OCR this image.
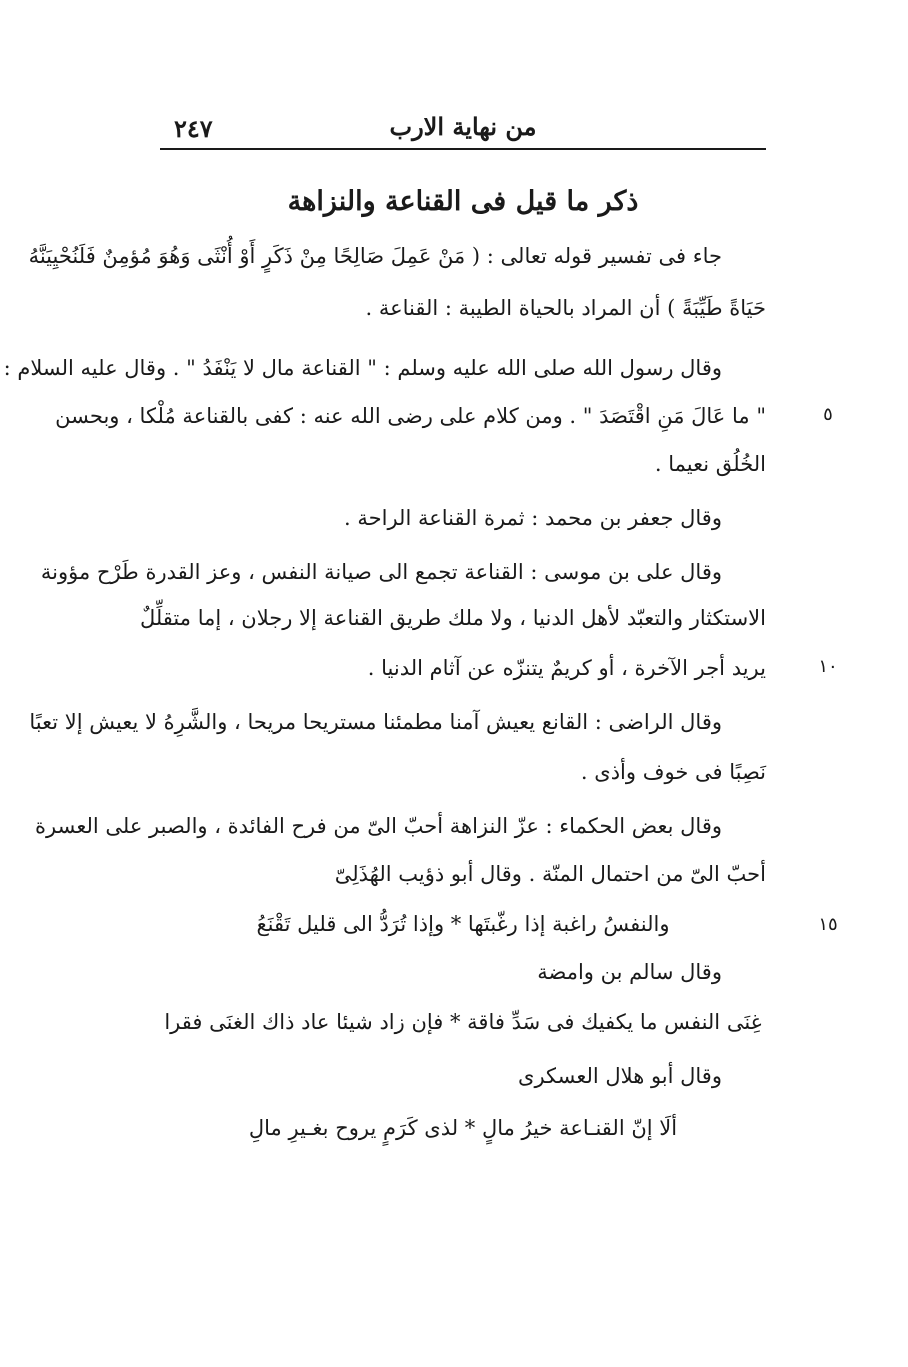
٢٤٧	من نهاية الارب
ذكر ما قيل فى القناعة والنزاهة
جاء فى تفسير قوله تعالى : ( مَنْ عَمِلَ صَالِحًا مِنْ ذَكَرٍ أَوْ أُنْثَى وَهُوَ مُؤمِنٌ فَلَنُحْيِيَنَّهُ
حَيَاةً طَيِّبَةً ) أن المراد بالحياة الطيبة : القناعة .
وقال رسول الله صلى الله عليه وسلم : " القناعة مال لا يَنْفَدُ " . وقال عليه السلام :
" ما عَالَ مَنِ اقْتَصَدَ " . ومن كلام على رضى الله عنه : كفى بالقناعة مُلْكا ، وبحسن	٥
الخُلُق نعيما .
وقال جعفر بن محمد : ثمرة القناعة الراحة .
وقال على بن موسى : القناعة تجمع الى صيانة النفس ، وعز القدرة طَرْح مؤونة
الاستكثار والتعبّد لأهل الدنيا ، ولا ملك طريق القناعة إلا رجلان ، إما متقلِّلٌ
يريد أجر الآخرة ، أو كريمٌ يتنزّه عن آثام الدنيا .	١٠
وقال الراضى : القانع يعيش آمنا مطمئنا مستريحا مريحا ، والشَّرِهُ لا يعيش إلا تعبًا
نَصِبًا فى خوف وأذى .
وقال بعض الحكماء : عزّ النزاهة أحبّ الىّ من فرح الفائدة ، والصبر على العسرة
أحبّ الىّ من احتمال المنّة . وقال أبو ذؤيب الهُذَلِىّ
والنفسُ راغبة إذا رغّبتَها * وإذا تُرَدُّ الى قليل تَقْنَعُ	١٥
وقال سالم بن وامضة
غِنَى النفس ما يكفيك فى سَدِّ فاقة * فإن زاد شيئا عاد ذاك الغنَى فقرا
وقال أبو هلال العسكرى
ألَا إنّ القنـاعة خيرُ مالٍ * لذى كَرَمٍ يروح بغـيرِ مالِ
